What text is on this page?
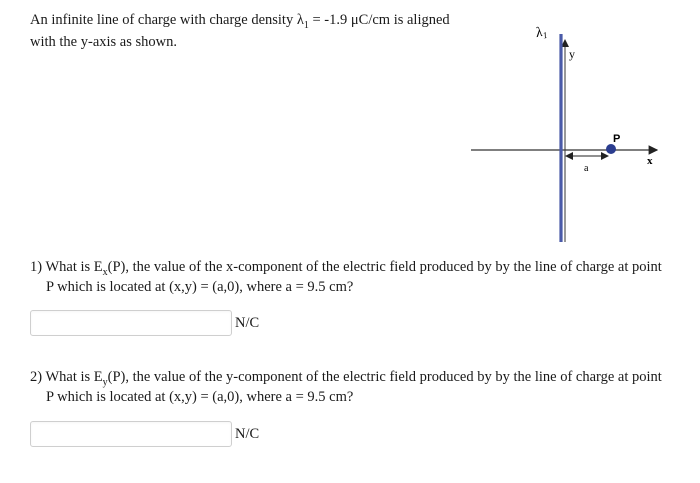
An infinite line of charge with charge density $\lambda_1 = -1.9$ μC/cm is aligned
with the y-axis as shown.
$\lambda_1$
y
x
P
a
1) What is $E_x(P)$, the value of the x-component of the electric field produced by by the line of charge at point
P which is located at (x,y) = (a,0), where a = 9.5 cm?
N/C
2) What is $E_y(P)$, the value of the y-component of the electric field produced by by the line of charge at point
P which is located at (x,y) = (a,0), where a = 9.5 cm?
N/C
